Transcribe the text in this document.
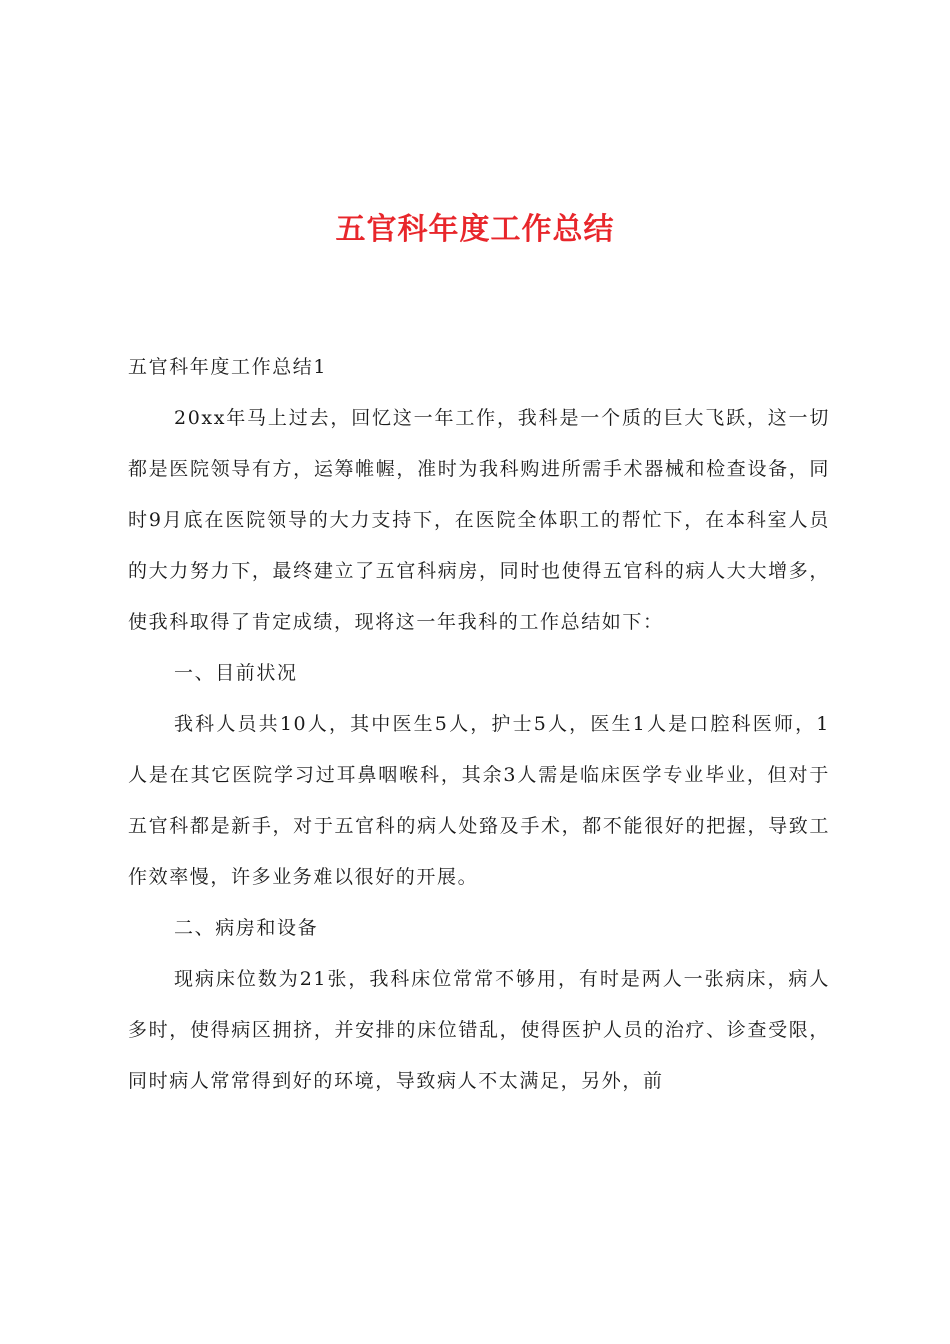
五官科年度工作总结

五官科年度工作总结1

20xx年马上过去，回忆这一年工作，我科是一个质的巨大飞跃，这一切都是医院领导有方，运筹帷幄，准时为我科购进所需手术器械和检查设备，同时9月底在医院领导的大力支持下，在医院全体职工的帮忙下，在本科室人员的大力努力下，最终建立了五官科病房，同时也使得五官科的病人大大增多，使我科取得了肯定成绩，现将这一年我科的工作总结如下：

一、目前状况

我科人员共10人，其中医生5人，护士5人，医生1人是口腔科医师，1人是在其它医院学习过耳鼻咽喉科，其余3人需是临床医学专业毕业，但对于五官科都是新手，对于五官科的病人处臵及手术，都不能很好的把握，导致工作效率慢，许多业务难以很好的开展。

二、病房和设备

现病床位数为21张，我科床位常常不够用，有时是两人一张病床，病人多时，使得病区拥挤，并安排的床位错乱，使得医护人员的治疗、诊查受限，同时病人常常得到好的环境，导致病人不太满足，另外，前
